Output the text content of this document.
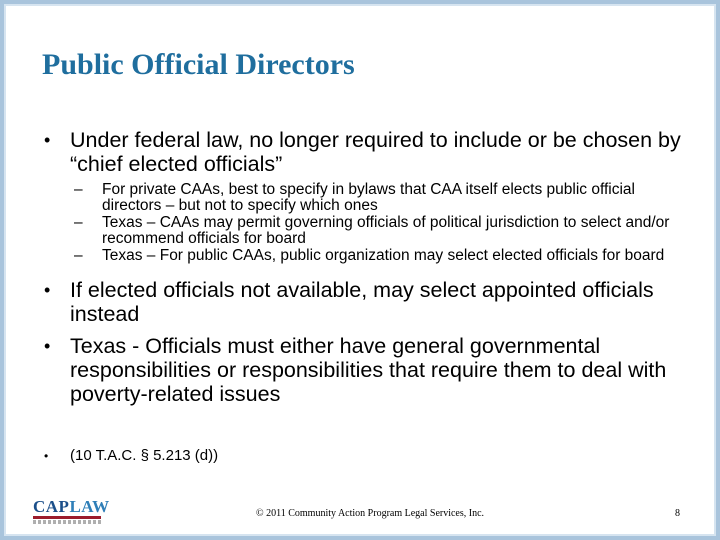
Public Official Directors
• Under federal law, no longer required to include or be chosen by “chief elected officials”
– For private CAAs, best to specify in bylaws that CAA itself elects public official directors – but not to specify which ones
– Texas – CAAs may permit governing officials of political jurisdiction to select and/or recommend officials for board
– Texas – For public CAAs, public organization may select elected officials for board
• If elected officials not available, may select appointed officials instead
• Texas - Officials must either have general governmental responsibilities or responsibilities that require them to deal with poverty-related issues
• (10 T.A.C. § 5.213 (d))
CAPLAW	© 2011 Community Action Program Legal Services, Inc.	8
